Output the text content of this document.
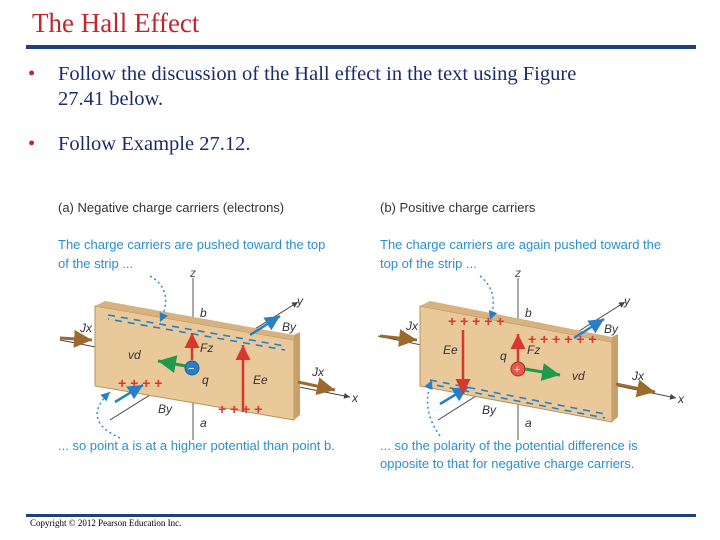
The Hall Effect
• Follow the discussion of the Hall effect in the text using Figure
27.41 below.
• Follow Example 27.12.
(a) Negative charge carriers (electrons)
The charge carriers are pushed toward the top
of the strip ...
z
x
y
+ + + +
+ + + +
b
a
Jx
Jx
By
By
vd	Fz
−
q	Ee
... so point a is at a higher potential than point b.
(b) Positive charge carriers
The charge carriers are again pushed toward the
top of the strip ...
z
x
y
+ + + + +
+ + + + + +
b
a
Jx
Jx
By
By
vd
Fz
+
q
Ee
... so the polarity of the potential difference is
opposite to that for negative charge carriers.
Copyright © 2012 Pearson Education Inc.
